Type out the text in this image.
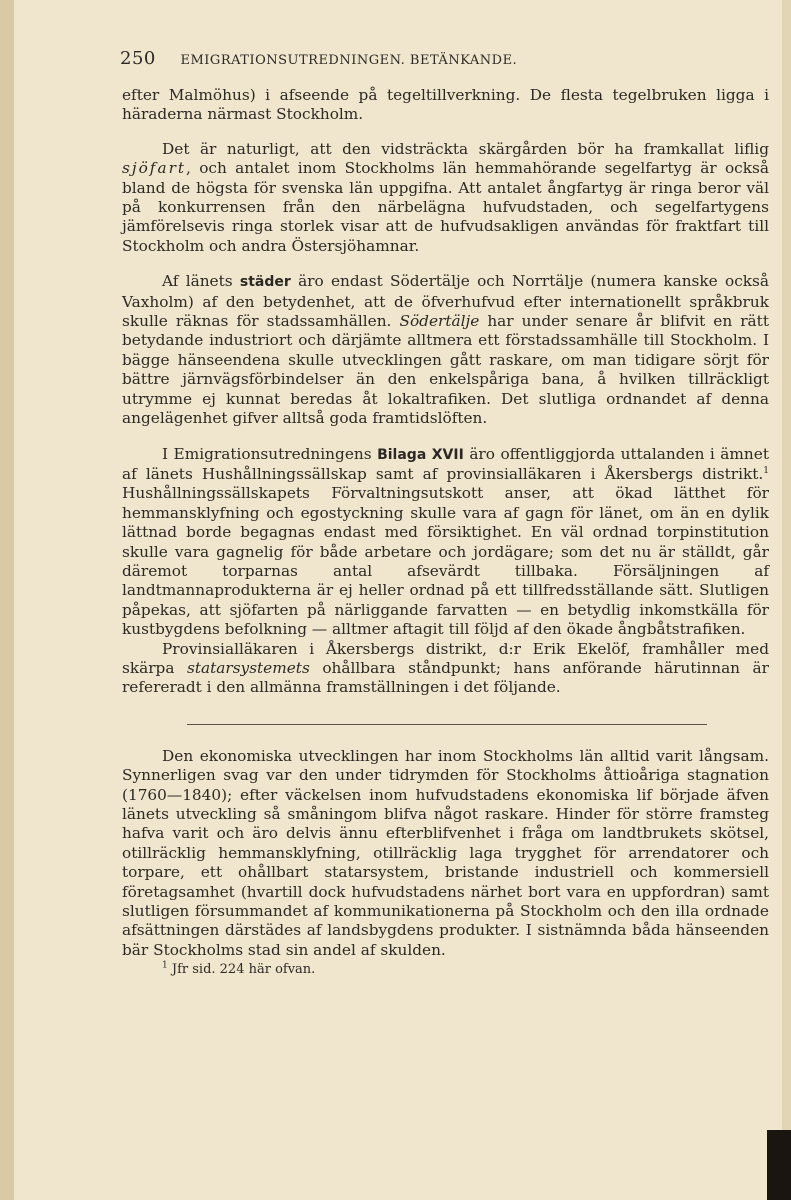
250 EMIGRATIONSUTREDNINGEN. BETÄNKANDE.

efter Malmöhus) i afseende på tegeltillverkning. De flesta tegelbruken ligga i häraderna närmast Stockholm.

Det är naturligt, att den vidsträckta skärgården bör ha framkallat liflig sjöfart, och antalet inom Stockholms län hemmahörande segelfartyg är också bland de högsta för svenska län uppgifna. Att antalet ångfartyg är ringa beror väl på konkurrensen från den närbelägna hufvudstaden, och segelfartygens jämförelsevis ringa storlek visar att de hufvudsakligen användas för fraktfart till Stockholm och andra Östersjöhamnar.

Af länets städer äro endast Södertälje och Norrtälje (numera kanske också Vaxholm) af den betydenhet, att de öfverhufvud efter internationellt språkbruk skulle räknas för stadssamhällen. Södertälje har under senare år blifvit en rätt betydande industriort och därjämte alltmera ett förstadssamhälle till Stockholm. I bägge hänseendena skulle utvecklingen gått raskare, om man tidigare sörjt för bättre järnvägsförbindelser än den enkelspåriga bana, å hvilken tillräckligt utrymme ej kunnat beredas åt lokaltrafiken. Det slutliga ordnandet af denna angelägenhet gifver alltså goda framtidslöften.

I Emigrationsutredningens Bilaga XVII äro offentliggjorda uttalanden i ämnet af länets Hushållningssällskap samt af provinsialläkaren i Åkersbergs distrikt.$^1$ Hushållningssällskapets Förvaltningsutskott anser, att ökad lätthet för hemmansklyfning och egostyckning skulle vara af gagn för länet, om än en dylik lättnad borde begagnas endast med försiktighet. En väl ordnad torpinstitution skulle vara gagnelig för både arbetare och jordägare; som det nu är ställdt, går däremot torparnas antal afsevärdt tillbaka. Försäljningen af landtmannaprodukterna är ej heller ordnad på ett tillfredsställande sätt. Slutligen påpekas, att sjöfarten på närliggande farvatten — en betydlig inkomstkälla för kustbygdens befolkning — alltmer aftagit till följd af den ökade ångbåtstrafiken.

Provinsialläkaren i Åkersbergs distrikt, d:r Erik Ekelöf, framhåller med skärpa statarsystemets ohållbara ståndpunkt; hans anförande härutinnan är refereradt i den allmänna framställningen i det följande.

Den ekonomiska utvecklingen har inom Stockholms län alltid varit långsam. Synnerligen svag var den under tidrymden för Stockholms åttioåriga stagnation (1760—1840); efter väckelsen inom hufvudstadens ekonomiska lif började äfven länets utveckling så småningom blifva något raskare. Hinder för större framsteg hafva varit och äro delvis ännu efterblifvenhet i fråga om landtbrukets skötsel, otillräcklig hemmansklyfning, otillräcklig laga trygghet för arrendatorer och torpare, ett ohållbart statarsystem, bristande industriell och kommersiell företagsamhet (hvartill dock hufvudstadens närhet bort vara en uppfordran) samt slutligen försummandet af kommunikationerna på Stockholm och den illa ordnade afsättningen därstädes af landsbygdens produkter. I sistnämnda båda hänseenden bär Stockholms stad sin andel af skulden.

$^1$ Jfr sid. 224 här ofvan.
